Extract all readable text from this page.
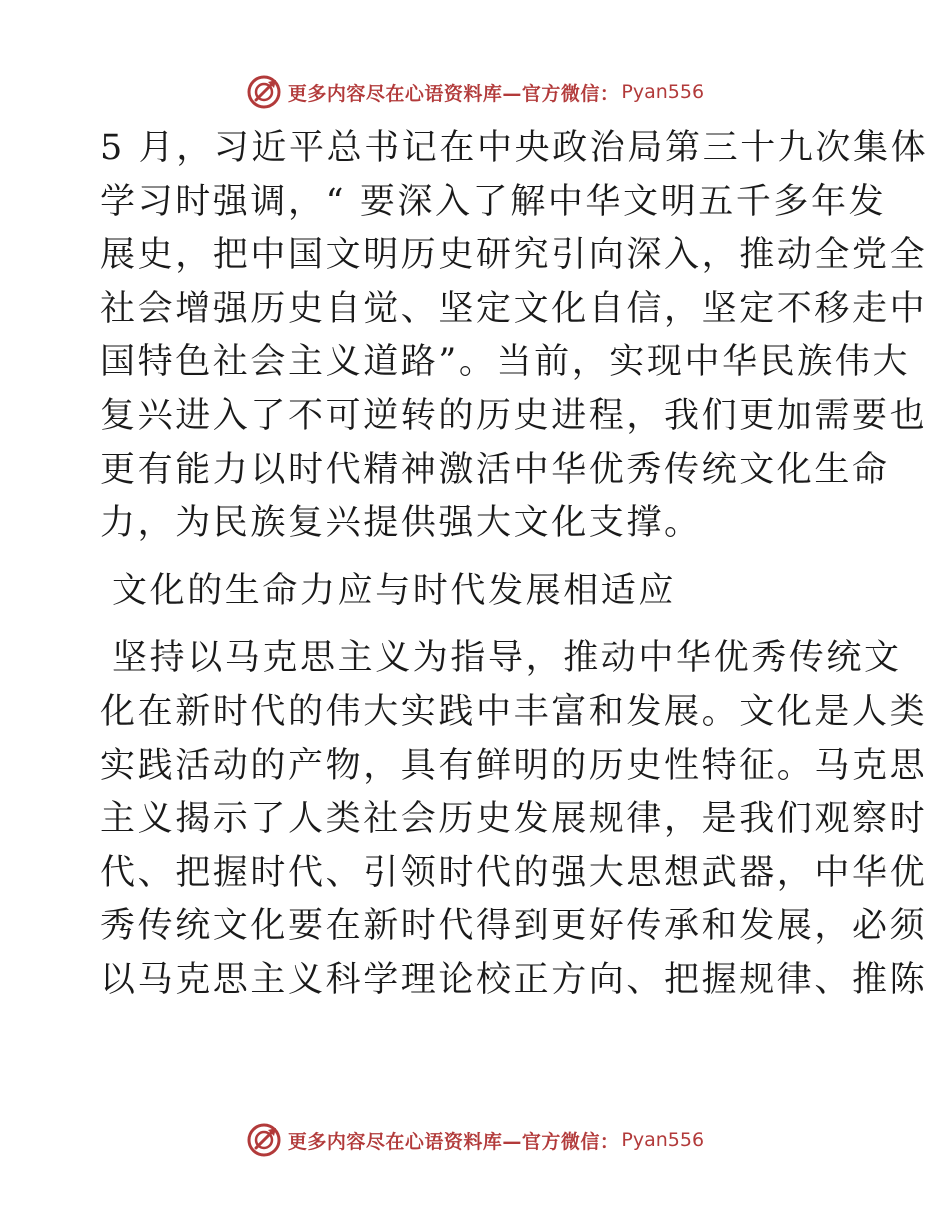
更多内容尽在心语资料库—官方微信： Pyan556
5 月，习近平总书记在中央政治局第三十九次集体
学习时强调，“ 要深入了解中华文明五千多年发
展史，把中国文明历史研究引向深入，推动全党全
社会增强历史自觉、坚定文化自信，坚定不移走中
国特色社会主义道路”。当前，实现中华民族伟大
复兴进入了不可逆转的历史进程，我们更加需要也
更有能力以时代精神激活中华优秀传统文化生命
力，为民族复兴提供强大文化支撑。
文化的生命力应与时代发展相适应
坚持以马克思主义为指导，推动中华优秀传统文
化在新时代的伟大实践中丰富和发展。文化是人类
实践活动的产物，具有鲜明的历史性特征。马克思
主义揭示了人类社会历史发展规律，是我们观察时
代、把握时代、引领时代的强大思想武器，中华优
秀传统文化要在新时代得到更好传承和发展，必须
以马克思主义科学理论校正方向、把握规律、推陈
更多内容尽在心语资料库—官方微信： Pyan556
